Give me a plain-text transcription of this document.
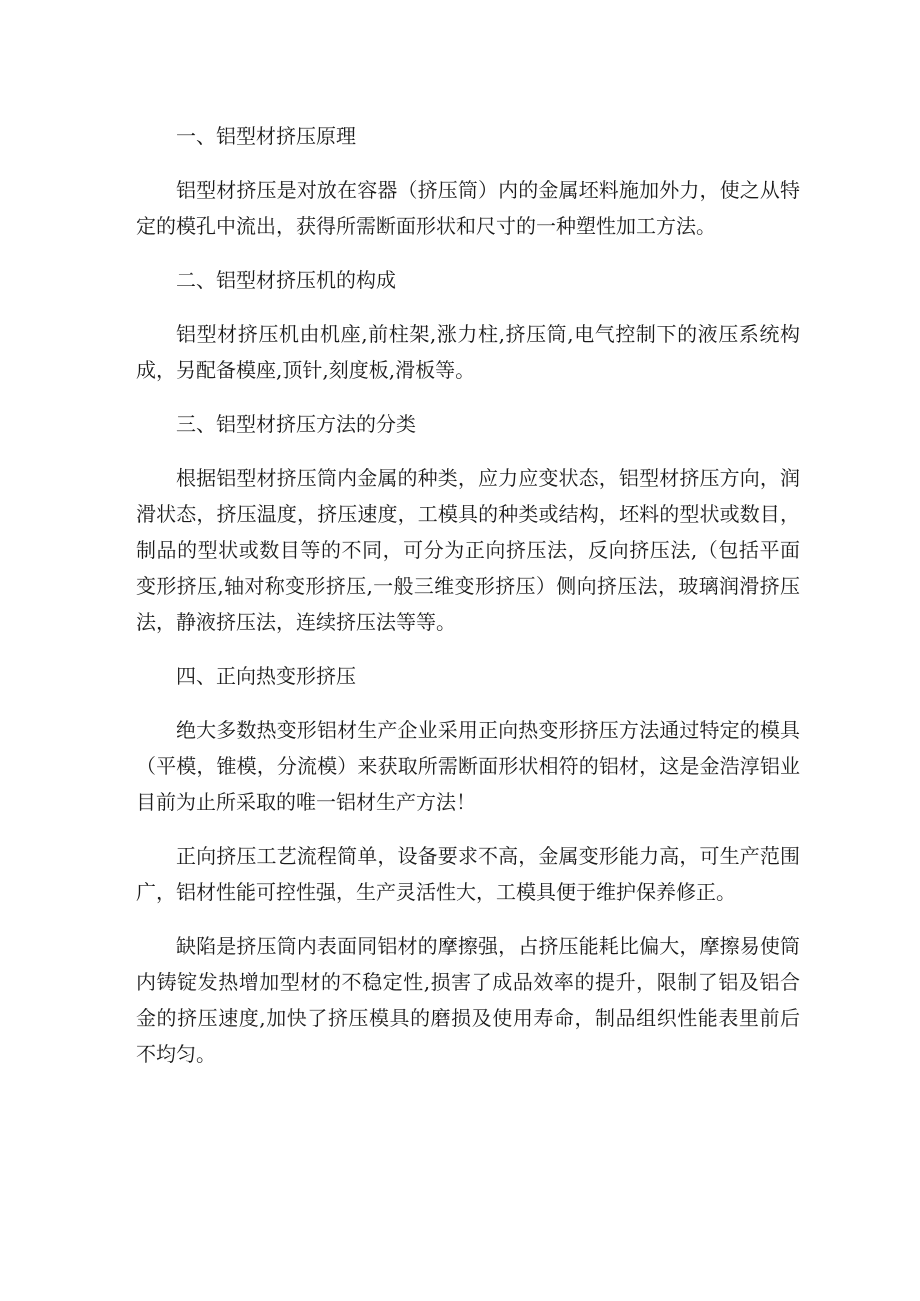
一、铝型材挤压原理

铝型材挤压是对放在容器（挤压筒）内的金属坯料施加外力，使之从特定的模孔中流出，获得所需断面形状和尺寸的一种塑性加工方法。

二、铝型材挤压机的构成

铝型材挤压机由机座,前柱架,涨力柱,挤压筒,电气控制下的液压系统构成，另配备模座,顶针,刻度板,滑板等。

三、铝型材挤压方法的分类

根据铝型材挤压筒内金属的种类，应力应变状态，铝型材挤压方向，润滑状态，挤压温度，挤压速度，工模具的种类或结构，坯料的型状或数目，制品的型状或数目等的不同，可分为正向挤压法，反向挤压法,（包括平面变形挤压,轴对称变形挤压,一般三维变形挤压）侧向挤压法，玻璃润滑挤压法，静液挤压法，连续挤压法等等。

四、正向热变形挤压

绝大多数热变形铝材生产企业采用正向热变形挤压方法通过特定的模具（平模，锥模，分流模）来获取所需断面形状相符的铝材，这是金浩淳铝业目前为止所采取的唯一铝材生产方法！

正向挤压工艺流程简单，设备要求不高，金属变形能力高，可生产范围广，铝材性能可控性强，生产灵活性大，工模具便于维护保养修正。

缺陷是挤压筒内表面同铝材的摩擦强，占挤压能耗比偏大，摩擦易使筒内铸锭发热增加型材的不稳定性,损害了成品效率的提升，限制了铝及铝合金的挤压速度,加快了挤压模具的磨损及使用寿命，制品组织性能表里前后不均匀。
